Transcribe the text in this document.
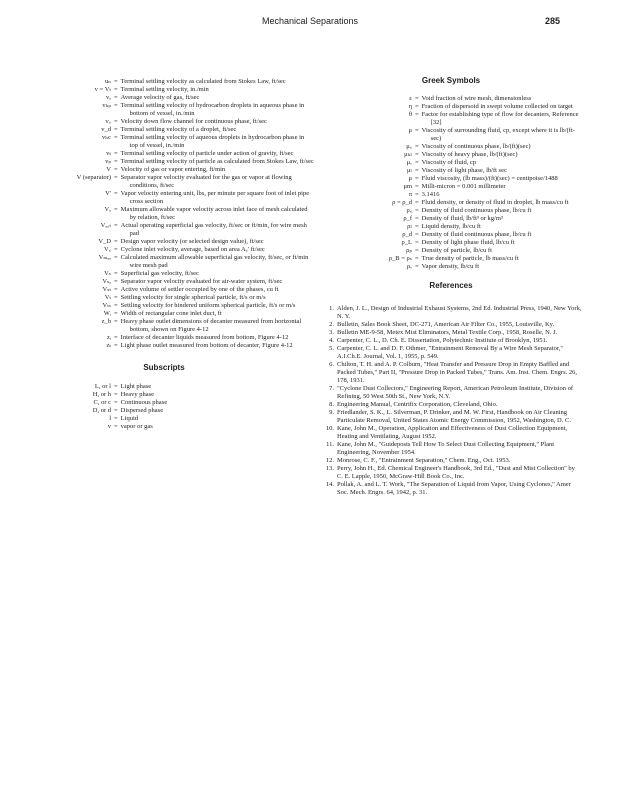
Mechanical Separations	285
uₙ = Terminal settling velocity as calculated from Stokes Law, ft/sec
v = Vₜ = Terminal settling velocity, in./min
vₐ = Average velocity of gas, ft/sec
vₕₚ = Terminal settling velocity of hydrocarbon droplets in aqueous phase in bottom of vessel, in./min
v꜀ = Velocity down flow channel for continuous phase, ft/sec
v_d = Terminal settling velocity of a droplet, ft/sec
vₕc = Terminal settling velocity of aqueous droplets in hydrocarbon phase in top of vessel, in./min
vₜ = Terminal settling velocity of particle under action of gravity, ft/sec
vₚ = Terminal settling velocity of particle as calculated from Stokes Law, ft/sec
V = Velocity of gas or vapor entering, ft/min
V (separator) = Separator vapor velocity evaluated for the gas or vapor at flowing conditions, ft/sec
V' = Vapor velocity entering unit, lbs, per minute per square foot of inlet pipe cross section
Vₐ = Maximum allowable vapor velocity across inlet face of mesh calculated by relation, ft/sec
Vₐ꜀ₜ = Actual operating superficial gas velocity, ft/sec or ft/min, for wire mesh pad
V_D = Design vapor velocity (or selected design value), ft/sec
V꜀ = Cyclone inlet velocity, average, based on area A꜀' ft/sec
Vₘₐₓ = Calculated maximum allowable superficial gas velocity, ft/sec, or ft/min wire mesh pad
Vₛ = Superficial gas velocity, ft/sec
Vₛₐ = Separator vapor velocity evaluated for air-water system, ft/sec
Vₛₜ = Active volume of settler occupied by one of the phases, cu ft
Vₜ = Settling velocity for single spherical particle, ft/s or m/s
Vₜₛ = Settling velocity for hindered uniform spherical particle, ft/s or m/s
Wᵢ = Width of rectangular cone inlet duct, ft
z_b = Heavy phase outlet dimensions of decanter measured from horizontal bottom, shown on Figure 4-12
zᵢ = Interface of decanter liquids measured from bottom, Figure 4-12
zₜ = Light phase outlet measured from bottom of decanter, Figure 4-12
Subscripts
L, or l = Light phase
H, or h = Heavy phase
C, or c = Continuous phase
D, or d = Dispersed phase
l = Liquid
v = vapor or gas
Greek Symbols
ε = Void fraction of wire mesh, dimensionless
η = Fraction of dispersoid in swept volume collected on target
θ = Factor for establishing type of flow for decanters, Reference [32]
μ = Viscosity of surrounding fluid, cp, except where it is lb/(ft-sec)
μ꜀ = Viscosity of continuous phase, lb/(ft)(sec)
μₕₗ = Viscosity of heavy phase, lb/(ft)(sec)
μᵥ = Viscosity of fluid, cp
μₗ = Viscosity of light phase, lb/ft sec
μ = Fluid viscosity, (lb mass)/(ft)(sec) = centipoise/1488
μm = Milli-micron = 0.001 millimeter
π = 3.1416
ρ = ρ_d = Fluid density, or density of fluid in droplet, lb mass/cu ft
ρ꜀ = Density of fluid continuous phase, lb/cu ft
ρ_f = Density of fluid, lb/ft³ or kg/m³
ρₗ = Liquid density, lb/cu ft
ρ_d = Density of fluid continuous phase, lb/cu ft
ρ_L = Density of light phase fluid, lb/cu ft
ρₚ = Density of particle, lb/cu ft
ρ_B = ρₛ = True density of particle, lb mass/cu ft
ρᵥ = Vapor density, lb/cu ft
References
1. Alden, J. L., Design of Industrial Exhaust Systems, 2nd Ed. Industrial Press, 1940, New York, N. Y.
2. Bulletin, Sales Book Sheet, DC-271, American Air Filter Co., 1955, Louisville, Ky.
3. Bulletin ME-9-58, Metex Mist Eliminators, Metal Textile Corp., 1958, Roselle, N. J.
4. Carpenter, C. L., D. Ch. E. Dissertation, Polytechnic Institute of Brooklyn, 1951.
5. Carpenter, C. L. and D. F. Othmer, "Entrainment Removal By a Wire Mesh Separator," A.I.Ch.E. Journal, Vol. 1, 1955, p. 549.
6. Chilton, T. H. and A. P. Colburn, "Heat Transfer and Pressure Drop in Empty Baffled and Packed Tubes," Part II, "Pressure Drop in Packed Tubes," Trans. Am. Inst. Chem. Engrs. 26, 178, 1931.
7. "Cyclone Dust Collectors," Engineering Report, American Petroleum Institute, Division of Refining, 50 West 50th St., New York, N.Y.
8. Engineering Manual, Centrifix Corporation, Cleveland, Ohio.
9. Friedlander, S. K., L. Silverman, P. Drinker, and M. W. First, Handbook on Air Cleaning Particulate Removal, United States Atomic Energy Commission, 1952, Washington, D. C.
10. Kane, John M., Operation, Application and Effectiveness of Dust Collection Equipment, Heating and Ventilating, August 1952.
11. Kane, John M., "Guideposts Tell How To Select Dust Collecting Equipment," Plant Engineering, November 1954.
12. Monrose, C. F., "Entrainment Separation," Chem. Eng., Oct. 1953.
13. Perry, John H., Ed. Chemical Engineer's Handbook, 3rd Ed., "Dust and Mist Collection" by C. E. Lapple, 1950, McGraw-Hill Book Co., Inc.
14. Pollak, A. and L. T. Work, "The Separation of Liquid from Vapor, Using Cyclones," Amer Soc. Mech. Engrs. 64, 1942, p. 31.
